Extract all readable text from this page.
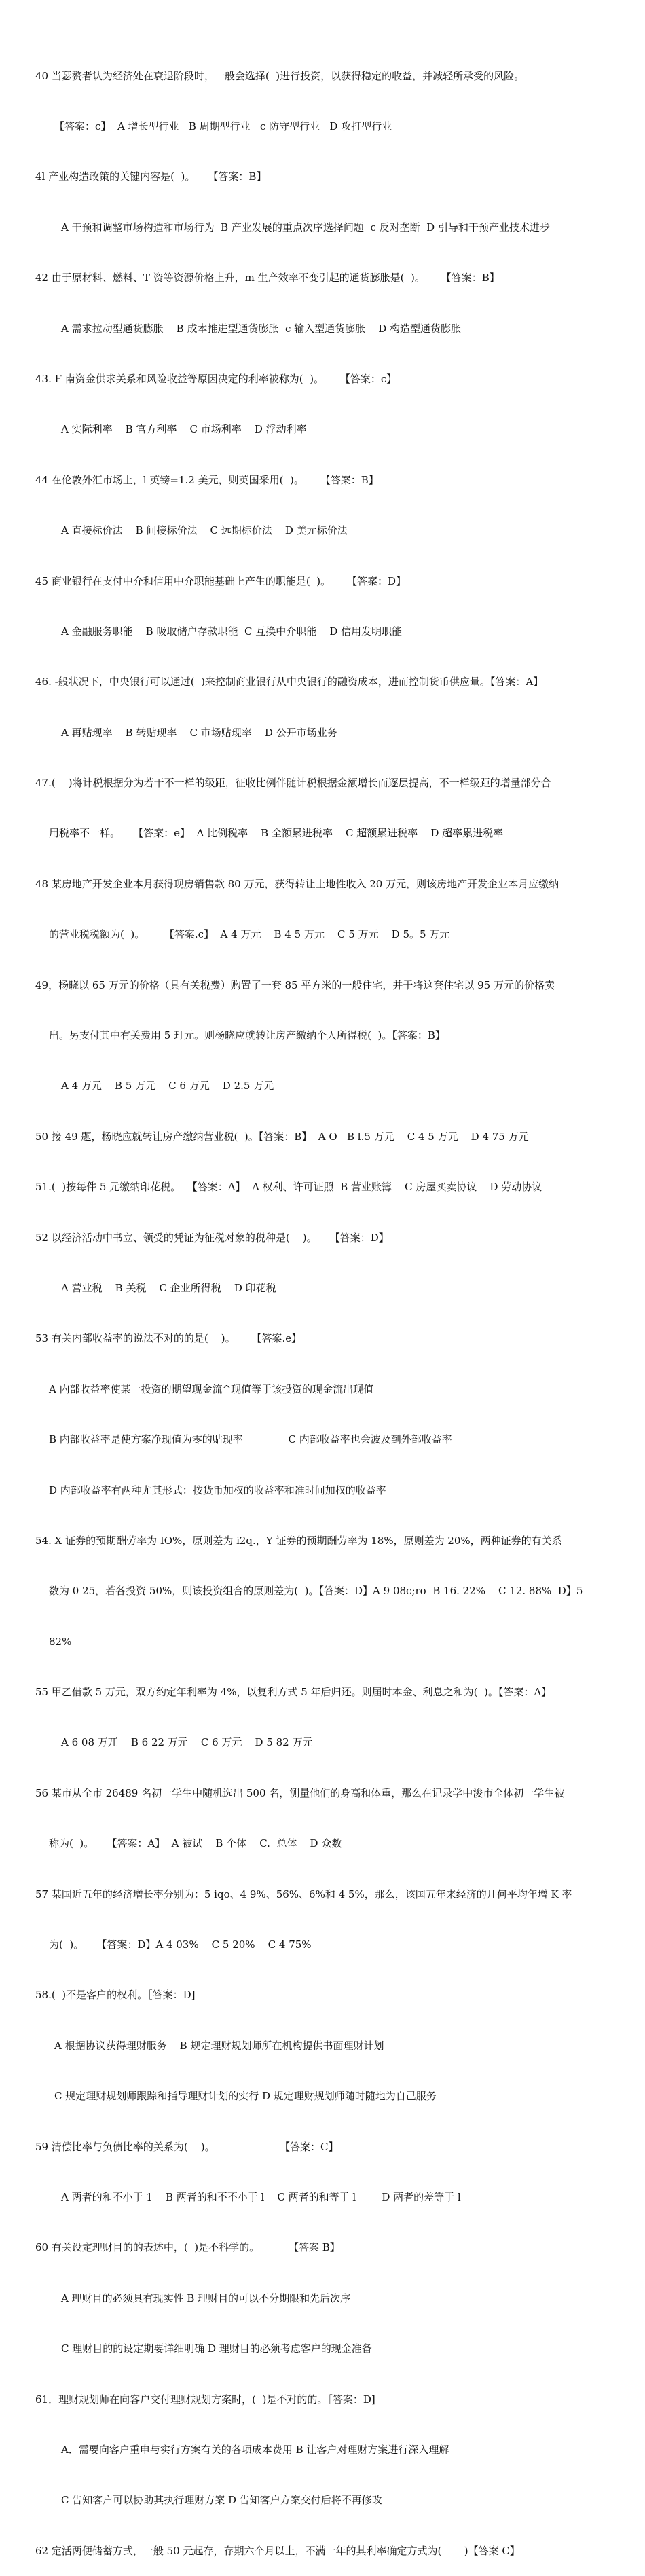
40 当瑟赘者认为经济处在衰退阶段时，一般会选择(  )进行投资，以获得稳定的收益，并减轻所承受的风险。

【答案：c】  A 增长型行业   B 周期型行业   c 防守型行业   D 攻打型行业

4l 产业构造政策的关键内容是(  )。    【答案：B】

A 干预和调整市场构造和市场行为  B 产业发展的重点次序选择问题  c 反对垄断  D 引导和干预产业技术进步

42 由于原材料、燃料、T 资等资源价格上升，m 生产效率不变引起的通货膨胀是(  )。     【答案：B】

A 需求拉动型通货膨胀    B 成本推进型通货膨胀  c 输入型通货膨胀    D 构造型通货膨胀

43. F 南资金供求关系和风险收益等原因决定的利率被称为(  )。     【答案：c】

A 实际利率    B 官方利率    C 市场利率    D 浮动利率

44 在伦敦外汇市场上，l 英镑=1.2 美元，则英国采用(  )。     【答案：B】

A 直接标价法    B 间接标价法    C 远期标价法    D 美元标价法

45 商业银行在支付中介和信用中介职能基础上产生的职能是(  )。     【答案：D】

A 金融服务职能    B 吸取储户存款职能  C 互换中介职能    D 信用发明职能

46. -般状况下，中央银行可以通过(  )来控制商业银行从中央银行的融资成本，进而控制货币供应量。【答案：A】

A 再贴现率    B 转贴现率    C 市场贴现率    D 公开市场业务

47.(    )将计税根据分为若干不一样的级距，征收比例伴随计税根据金额增长而逐层提高，不一样级距的增量部分合

用税率不一样。    【答案：e】  A 比例税率    B 全额累进税率    C 超额累进税率    D 超率累进税率

48 某房地产开发企业本月获得现房销售款 80 万元，获得转让土地性收入 20 万元，则该房地产开发企业本月应缴纳

的营业税税额为(  )。      【答案.c】  A 4 万元    B 4 5 万元    C 5 万元    D 5。5 万元

49，杨晓以 65 万元的价格（具有关税费）购置了一套 85 平方米的一般住宅，并于将这套住宅以 95 万元的价格卖

出。另支付其中有关费用 5 玎元。则杨晓应就转让房产缴纳个人所得税(  )。【答案：B】

A 4 万元    B 5 万元    C 6 万元    D 2.5 万元

50 接 49 题，杨晓应就转让房产缴纳营业税(  )。【答案：B】  A O   B l.5 万元    C 4 5 万元    D 4 75 万元

51.(  )按每件 5 元缴纳印花税。  【答案：A】  A 权利、许可证照  B 营业账簿    C 房屋买卖协议    D 劳动协议

52 以经济活动中书立、领受的凭证为征税对象的税种是(    )。    【答案：D】

A 营业税    B 关税    C 企业所得税    D 印花税

53 有关内部收益率的说法不对的的是(    )。     【答案.e】

A 内部收益率使某一投资的期望现金流^现值等于该投资的现金流出现值

B 内部收益率是使方案净现值为零的贴现率              C 内部收益率也会波及到外部收益率

D 内部收益率有两种尤其形式：按货币加权的收益率和准时间加权的收益率

54. X 证券的预期酬劳率为 IO%，原则差为 i2q.，Y 证券的预期酬劳率为 18%，原则差为 20%，两种证券的有关系

数为 0 25，若各投资 50%，则该投资组合的原则差为(  )。【答案：D】A 9 08c;ro  B 16. 22%    C 12. 88%  D】5

82%

55 甲乙借款 5 万元，双方约定年利率为 4%，以复利方式 5 年后归还。则届时本金、利息之和为(  )。【答案：A】

A 6 08 万兀    B 6 22 万元    C 6 万元    D 5 82 万元

56 某市从全市 26489 名初一学生中随机选出 500 名，测量他们的身高和体重，那么在记录学中浚市全体初一学生被

称为(  )。    【答案：A】  A 被试    B 个体    C.  总体    D 众数

57 某国近五年的经济增长率分别为：5 iqo、4 9%、56%、6%和 4 5%，那么，该国五年来经济的几何平均年增 K 率

为(  )。    【答案：D】A 4 03%    C 5 20%    C 4 75%

58.(  )不是客户的权利。［答案：D]

A 根据协议获得理财服务    B 规定理财规划师所在机构提供书面理财计划

C 规定理财规划师跟踪和指导理财计划的实行 D 规定理财规划师随时随地为自己服务

59 清偿比率与负债比率的关系为(    )。                    【答案：C】

A 两者的和不小于 1    B 两者的和不不小于 l    C 两者的和等于 l        D 两者的差等于 l

60 有关设定理财目的的表述中，(  )是不科学的。         【答案 B】

A 理财目的必须具有现实性 B 理财目的可以不分期限和先后次序

C 理财目的的设定期要详细明确 D 理财目的必须考虑客户的现金准备

61．理财规划师在向客户交付理财规划方案时，(  )是不对的的。［答案：D]

A．需要向客户重申与实行方案有关的各项成本费用 B 让客户对理财方案进行深入理解

C 告知客户可以协助其执行理财方案 D 告知客户方案交付后将不再修改

62 定活两便储蓄方式，一般 50 元起存，存期六个月以上，不满一年的其利率确定方式为(       )【答案 C】
